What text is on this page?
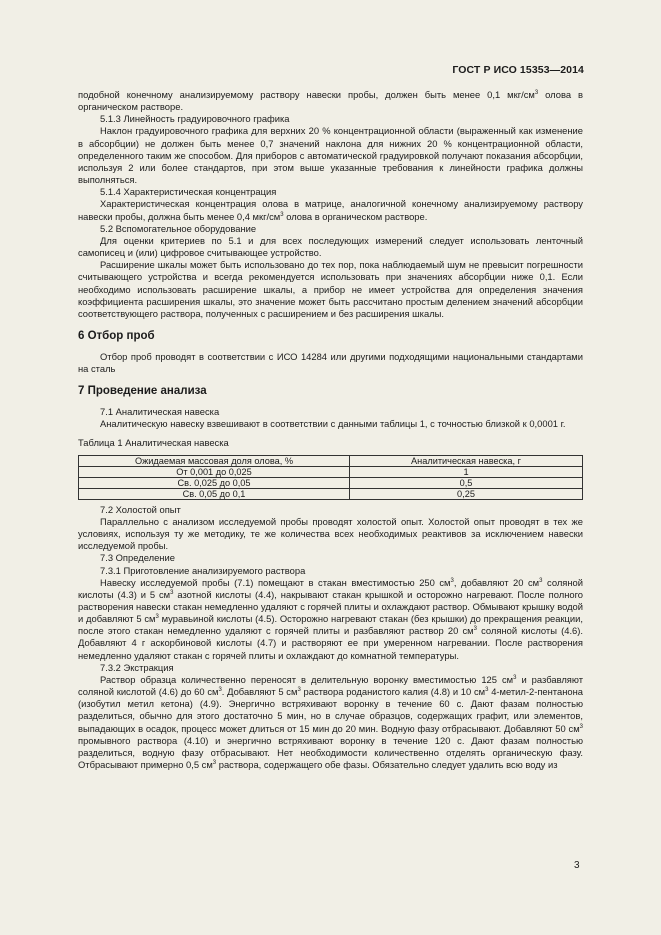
ГОСТ Р ИСО 15353—2014

подобной конечному анализируемому раствору навески пробы, должен быть менее 0,1 мкг/$см^3$ олова в органическом растворе.

5.1.3 Линейность градуировочного графика

Наклон градуировочного графика для верхних 20 % концентрационной области (выраженный как изменение в абсорбции) не должен быть менее 0,7 значений наклона для нижних 20 % концентрационной области, определенного таким же способом. Для приборов с автоматической градуировкой получают показания абсорбции, используя 2 или более стандартов, при этом выше указанные требования к линейности графика должны выполняться.

5.1.4 Характеристическая концентрация

Характеристическая концентрация олова в матрице, аналогичной конечному анализируемому раствору навески пробы, должна быть менее 0,4 мкг/$см^3$ олова в органическом растворе.

5.2 Вспомогательное оборудование

Для оценки критериев по 5.1 и для всех последующих измерений следует использовать ленточный самописец и (или) цифровое считывающее устройство.

Расширение шкалы может быть использовано до тех пор, пока наблюдаемый шум не превысит погрешности считывающего устройства и всегда рекомендуется использовать при значениях абсорбции ниже 0,1. Если необходимо использовать расширение шкалы, а прибор не имеет устройства для определения значения коэффициента расширения шкалы, это значение может быть рассчитано простым делением значений абсорбции соответствующего раствора, полученных с расширением и без расширения шкалы.

6 Отбор проб

Отбор проб проводят в соответствии с ИСО 14284 или другими подходящими национальными стандартами на сталь

7 Проведение анализа

7.1 Аналитическая навеска

Аналитическую навеску взвешивают в соответствии с данными таблицы 1, с точностью близкой к 0,0001 г.

Таблица 1 Аналитическая навеска

Ожидаемая массовая доля олова, %	Аналитическая навеска, г
От 0,001 до 0,025	1
Св. 0,025 до 0,05	0,5
Св. 0,05 до 0,1	0,25

7.2 Холостой опыт

Параллельно с анализом исследуемой пробы проводят холостой опыт. Холостой опыт проводят в тех же условиях, используя ту же методику, те же количества всех необходимых реактивов за исключением навески исследуемой пробы.

7.3 Определение

7.3.1 Приготовление анализируемого раствора

Навеску исследуемой пробы (7.1) помещают в стакан вместимостью 250 $см^3$, добавляют 20 $см^3$ соляной кислоты (4.3) и 5 $см^3$ азотной кислоты (4.4), накрывают стакан крышкой и осторожно нагревают. После полного растворения навески стакан немедленно удаляют с горячей плиты и охлаждают раствор. Обмывают крышку водой и добавляют 5 $см^3$ муравьиной кислоты (4.5). Осторожно нагревают стакан (без крышки) до прекращения реакции, после этого стакан немедленно удаляют с горячей плиты и разбавляют раствор 20 $см^3$ соляной кислоты (4.6). Добавляют 4 г аскорбиновой кислоты (4.7) и растворяют ее при умеренном нагревании. После растворения немедленно удаляют стакан с горячей плиты и охлаждают до комнатной температуры.

7.3.2 Экстракция

Раствор образца количественно переносят в делительную воронку вместимостью 125 $см^3$ и разбавляют соляной кислотой (4.6) до 60 $см^3$. Добавляют 5 $см^3$ раствора роданистого калия (4.8) и 10 $см^3$ 4-метил-2-пентанона (изобутил метил кетона) (4.9). Энергично встряхивают воронку в течение 60 с. Дают фазам полностью разделиться, обычно для этого достаточно 5 мин, но в случае образцов, содержащих графит, или элементов, выпадающих в осадок, процесс может длиться от 15 мин до 20 мин. Водную фазу отбрасывают. Добавляют 50 $см^3$ промывного раствора (4.10) и энергично встряхивают воронку в течение 120 с. Дают фазам полностью разделиться, водную фазу отбрасывают. Нет необходимости количественно отделять органическую фазу. Отбрасывают примерно 0,5 $см^3$ раствора, содержащего обе фазы. Обязательно следует удалить всю воду из

3
